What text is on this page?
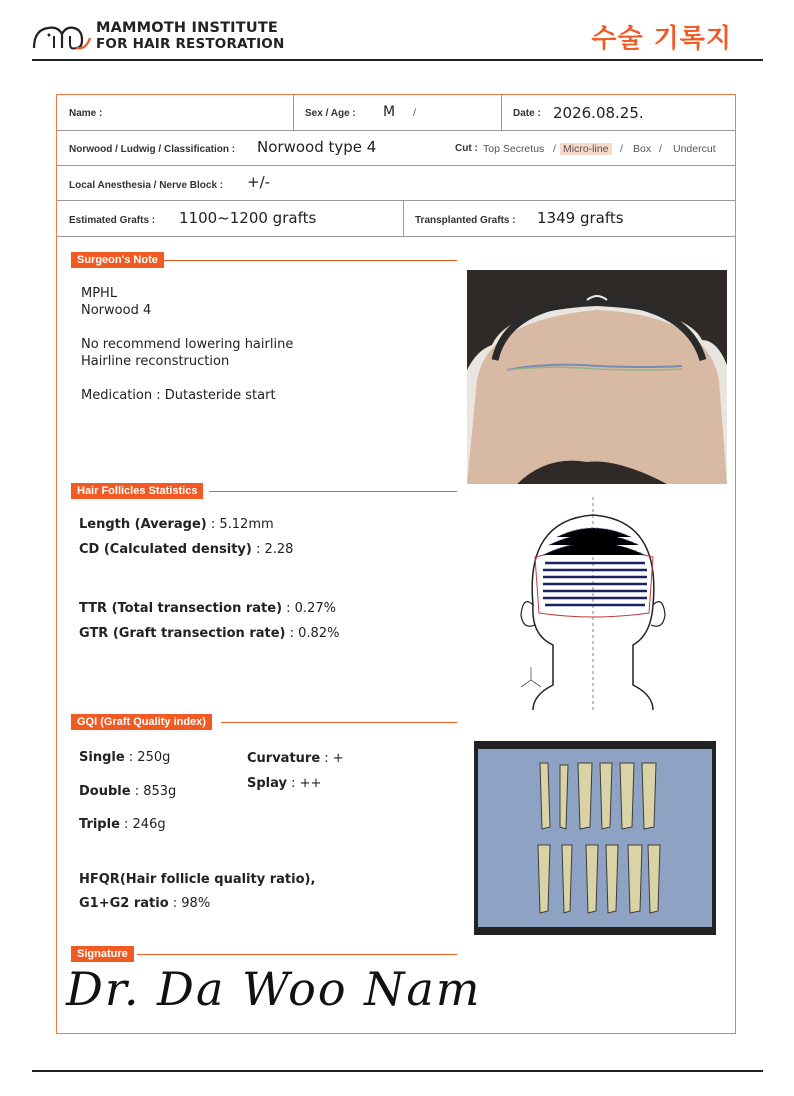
MAMMOTH INSTITUTE
FOR HAIR RESTORATION	수술 기록지
Name :	Sex / Age : M /	Date : 2026.08.25.
Norwood / Ludwig / Classification : Norwood type 4	Cut : Top Secretus / Micro-line / Box / Undercut
Local Anesthesia / Nerve Block : +/-
Estimated Grafts : 1100~1200 grafts	Transplanted Grafts : 1349 grafts
Surgeon's Note
MPHL
Norwood 4
No recommend lowering hairline
Hairline reconstruction
Medication : Dutasteride start
Hair Follicles Statistics
Length (Average) : 5.12mm
CD (Calculated density) : 2.28
TTR (Total transection rate) : 0.27%
GTR (Graft transection rate) : 0.82%
GQI (Graft Quality index)
Single : 250g
Double : 853g
Triple : 246g
Curvature : +
Splay : ++
HFQR(Hair follicle quality ratio),
G1+G2 ratio : 98%
Signature
Dr. Da Woo Nam
